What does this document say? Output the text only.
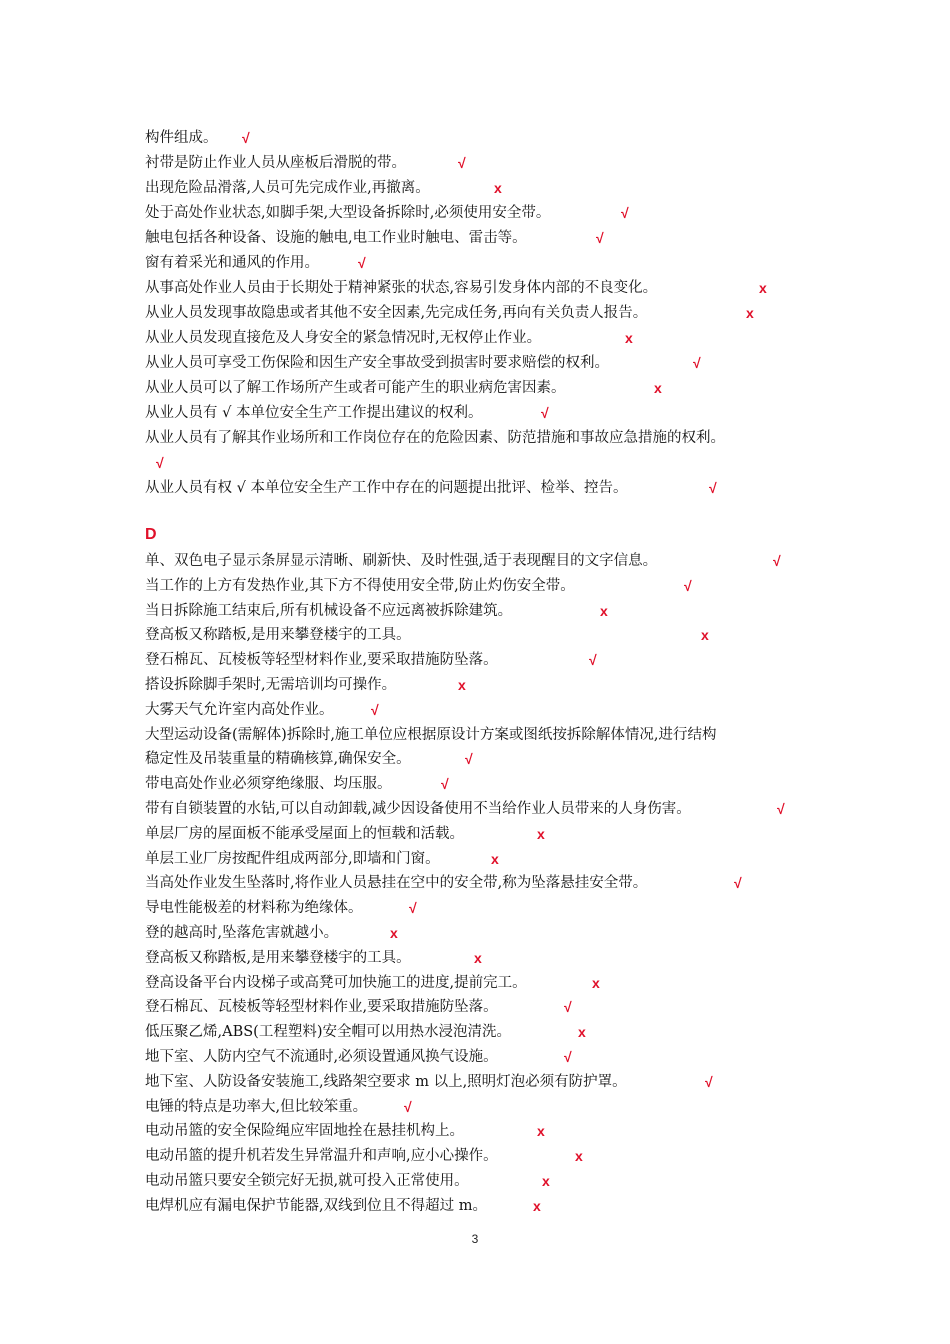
构件组成。 √
衬带是防止作业人员从座板后滑脱的带。	√
出现危险品滑落,人员可先完成作业,再撤离。	x
处于高处作业状态,如脚手架,大型设备拆除时,必须使用安全带。	√
触电包括各种设备、设施的触电,电工作业时触电、雷击等。	√
窗有着采光和通风的作用。	√
从事高处作业人员由于长期处于精神紧张的状态,容易引发身体内部的不良变化。	x
从业人员发现事故隐患或者其他不安全因素,先完成任务,再向有关负责人报告。	x
从业人员发现直接危及人身安全的紧急情况时,无权停止作业。	x
从业人员可享受工伤保险和因生产安全事故受到损害时要求赔偿的权利。	√
从业人员可以了解工作场所产生或者可能产生的职业病危害因素。	x
从业人员有 √ 本单位安全生产工作提出建议的权利。	√
从业人员有了解其作业场所和工作岗位存在的危险因素、防范措施和事故应急措施的权利。
√
从业人员有权 √ 本单位安全生产工作中存在的问题提出批评、检举、控告。	√
单、双色电子显示条屏显示清晰、刷新快、及时性强,适于表现醒目的文字信息。	√
当工作的上方有发热作业,其下方不得使用安全带,防止灼伤安全带。	√
当日拆除施工结束后,所有机械设备不应远离被拆除建筑。	x
登高板又称踏板,是用来攀登楼宇的工具。	x
登石棉瓦、瓦棱板等轻型材料作业,要采取措施防坠落。	√
搭设拆除脚手架时,无需培训均可操作。	x
大雾天气允许室内高处作业。	√
大型运动设备(需解体)拆除时,施工单位应根据原设计方案或图纸按拆除解体情况,进行结构
稳定性及吊装重量的精确核算,确保安全。	√
带电高处作业必须穿绝缘服、均压服。	√
带有自锁装置的水钻,可以自动卸载,减少因设备使用不当给作业人员带来的人身伤害。	√
单层厂房的屋面板不能承受屋面上的恒载和活载。	x
单层工业厂房按配件组成两部分,即墙和门窗。	x
当高处作业发生坠落时,将作业人员悬挂在空中的安全带,称为坠落悬挂安全带。	√
导电性能极差的材料称为绝缘体。	√
登的越高时,坠落危害就越小。	x
登高板又称踏板,是用来攀登楼宇的工具。	x
登高设备平台内设梯子或高凳可加快施工的进度,提前完工。	x
登石棉瓦、瓦棱板等轻型材料作业,要采取措施防坠落。	√
低压聚乙烯,ABS(工程塑料)安全帽可以用热水浸泡清洗。	x
地下室、人防内空气不流通时,必须设置通风换气设施。	√
地下室、人防设备安装施工,线路架空要求 m 以上,照明灯泡必须有防护罩。	√
电锤的特点是功率大,但比较笨重。	√
电动吊篮的安全保险绳应牢固地拴在悬挂机构上。	x
电动吊篮的提升机若发生异常温升和声响,应小心操作。	x
电动吊篮只要安全锁完好无损,就可投入正常使用。	x
电焊机应有漏电保护节能器,双线到位且不得超过 m。	x
D
3
